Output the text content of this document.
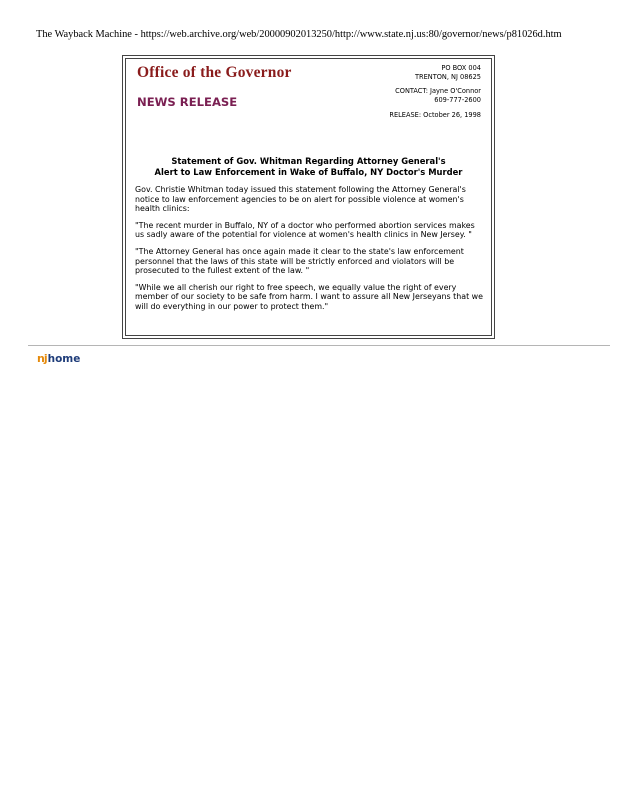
The Wayback Machine - https://web.archive.org/web/20000902013250/http://www.state.nj.us:80/governor/news/p81026d.htm
Office of the Governor
NEWS RELEASE
PO BOX 004
TRENTON, NJ 08625
CONTACT: Jayne O'Connor
609-777-2600
RELEASE: October 26, 1998
Statement of Gov. Whitman Regarding Attorney General's
Alert to Law Enforcement in Wake of Buffalo, NY Doctor's Murder

Gov. Christie Whitman today issued this statement following the Attorney General's notice to law enforcement agencies to be on alert for possible violence at women's health clinics:

"The recent murder in Buffalo, NY of a doctor who performed abortion services makes us sadly aware of the potential for violence at women's health clinics in New Jersey. "

"The Attorney General has once again made it clear to the state's law enforcement personnel that the laws of this state will be strictly enforced and violators will be prosecuted to the fullest extent of the law. "

"While we all cherish our right to free speech, we equally value the right of every member of our society to be safe from harm. I want to assure all New Jerseyans that we will do everything in our power to protect them."

nj home
